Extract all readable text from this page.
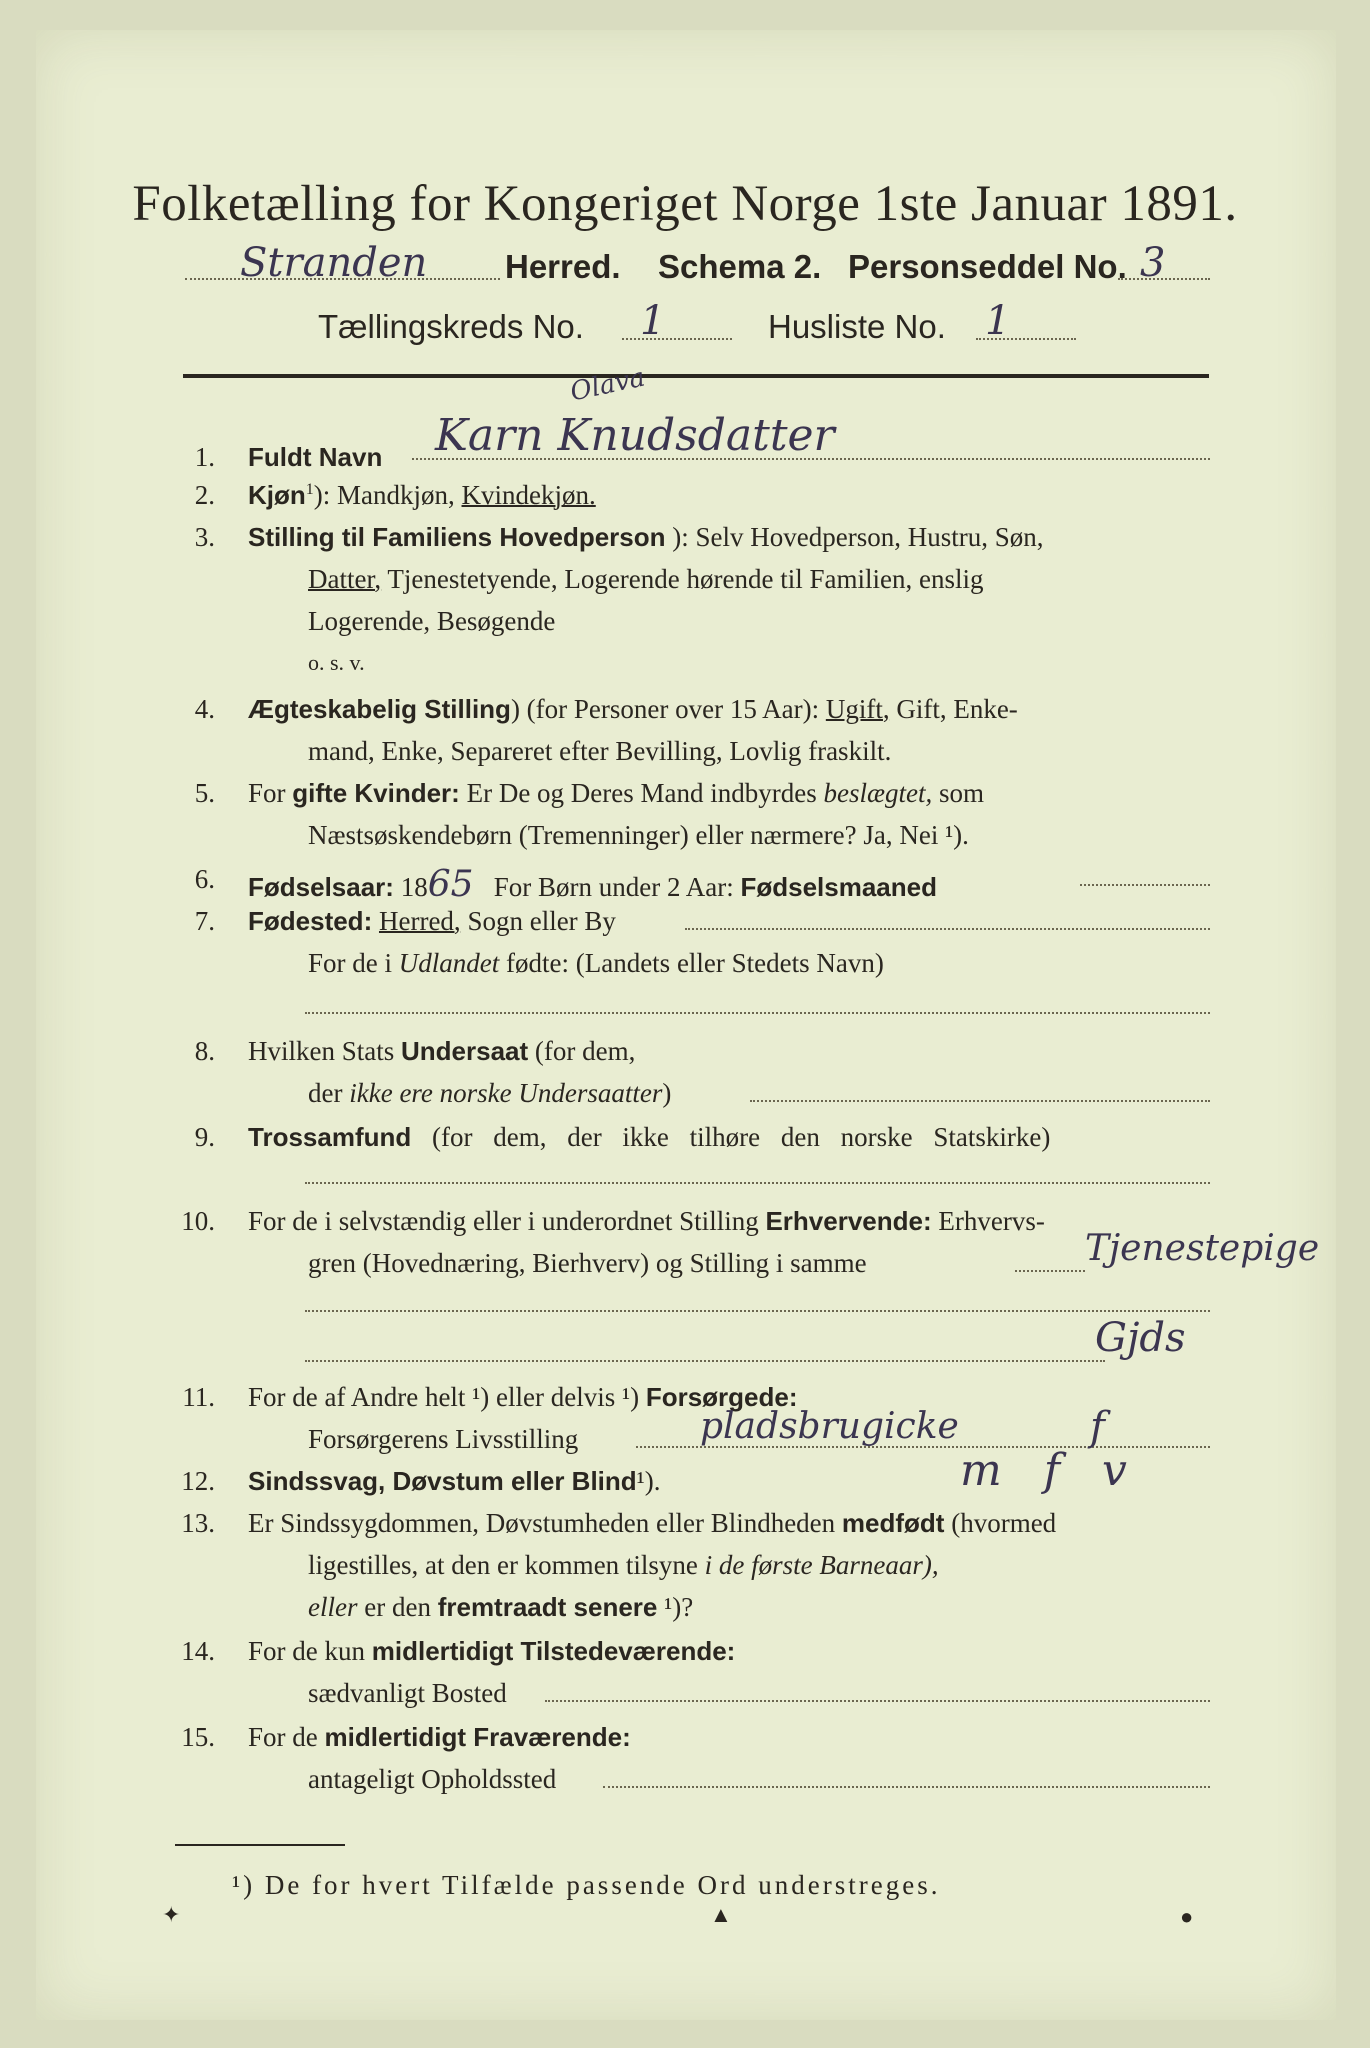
Folketælling for Kongeriget Norge 1ste Januar 1891.
Stranden Herred. Schema 2. Personseddel No. 3
Tællingskreds No. 1	Husliste No. 1
1. Fuldt Navn Karn Knudsdatter
Olava
2. Kjøn$^1$): Mandkjøn, Kvindekjøn.
3. Stilling til Familiens Hovedperson ): Selv Hovedperson, Hustru, Søn,
Datter, Tjenestetyende, Logerende hørende til Familien, enslig
Logerende, Besøgende
o. s. v.
4. Ægteskabelig Stilling) (for Personer over 15 Aar): Ugift, Gift, Enke-
mand, Enke, Separeret efter Bevilling, Lovlig fraskilt.
5. For gifte Kvinder: Er De og Deres Mand indbyrdes beslægtet, som
Næstsøskendebørn (Tremenninger) eller nærmere? Ja, Nei ¹).
6. Fødselsaar: 1865 For Børn under 2 Aar: Fødselsmaaned
7. Fødested: Herred, Sogn eller By
For de i Udlandet fødte: (Landets eller Stedets Navn)
8. Hvilken Stats Undersaat (for dem,
der ikke ere norske Undersaatter)
9. Trossamfund (for dem, der ikke tilhøre den norske Statskirke)
10. For de i selvstændig eller i underordnet Stilling Erhvervende: Erhvervs-
gren (Hovednæring, Bierhverv) og Stilling i samme	Tjenestepige
Gjds
11. For de af Andre helt ¹) eller delvis ¹) Forsørgede:
Forsørgerens Livsstilling	pladsbrugicke	f
12. Sindssvag, Døvstum eller Blind¹).	m f v
13. Er Sindssygdommen, Døvstumheden eller Blindheden medfødt (hvormed
ligestilles, at den er kommen tilsyne i de første Barneaar),
eller er den fremtraadt senere ¹)?
14. For de kun midlertidigt Tilstedeværende:
sædvanligt Bosted
15. For de midlertidigt Fraværende:
antageligt Opholdssted
¹) De for hvert Tilfælde passende Ord understreges.
✦	▲	●
